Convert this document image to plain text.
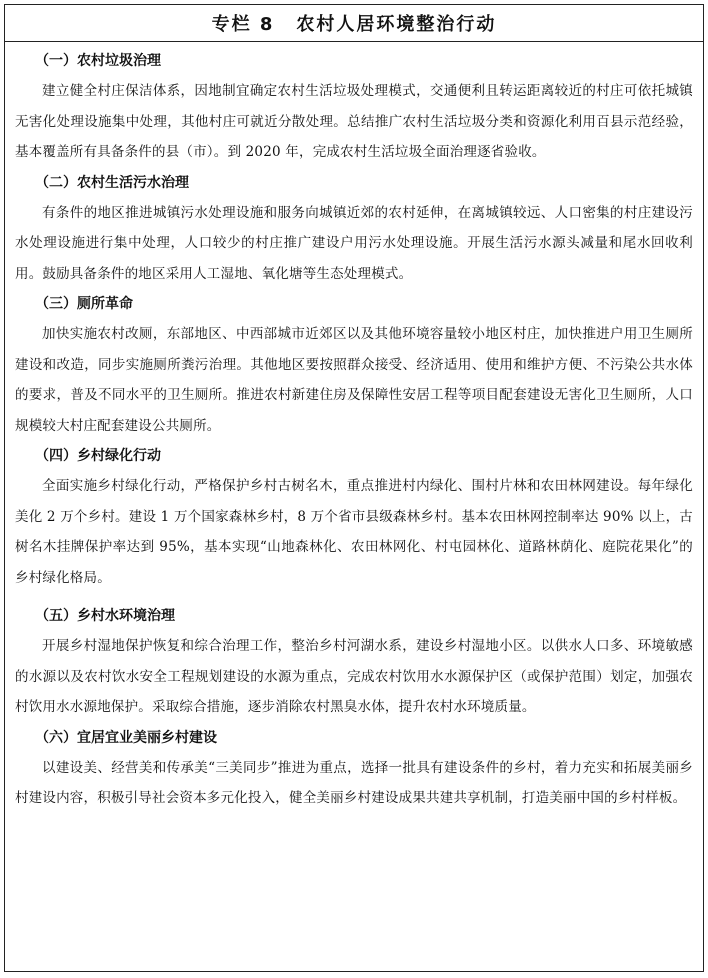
专栏 8 农村人居环境整治行动
（一）农村垃圾治理

建立健全村庄保洁体系，因地制宜确定农村生活垃圾处理模式，交通便利且转运距离较近的村庄可依托城镇无害化处理设施集中处理，其他村庄可就近分散处理。总结推广农村生活垃圾分类和资源化利用百县示范经验，基本覆盖所有具备条件的县（市）。到 2020 年，完成农村生活垃圾全面治理逐省验收。

（二）农村生活污水治理

有条件的地区推进城镇污水处理设施和服务向城镇近郊的农村延伸，在离城镇较远、人口密集的村庄建设污水处理设施进行集中处理，人口较少的村庄推广建设户用污水处理设施。开展生活污水源头减量和尾水回收利用。鼓励具备条件的地区采用人工湿地、氧化塘等生态处理模式。

（三）厕所革命

加快实施农村改厕，东部地区、中西部城市近郊区以及其他环境容量较小地区村庄，加快推进户用卫生厕所建设和改造，同步实施厕所粪污治理。其他地区要按照群众接受、经济适用、使用和维护方便、不污染公共水体的要求，普及不同水平的卫生厕所。推进农村新建住房及保障性安居工程等项目配套建设无害化卫生厕所，人口规模较大村庄配套建设公共厕所。

（四）乡村绿化行动

全面实施乡村绿化行动，严格保护乡村古树名木，重点推进村内绿化、围村片林和农田林网建设。每年绿化美化 2 万个乡村。建设 1 万个国家森林乡村，8 万个省市县级森林乡村。基本农田林网控制率达 90% 以上，古树名木挂牌保护率达到 95%，基本实现“山地森林化、农田林网化、村屯园林化、道路林荫化、庭院花果化”的乡村绿化格局。

（五）乡村水环境治理

开展乡村湿地保护恢复和综合治理工作，整治乡村河湖水系，建设乡村湿地小区。以供水人口多、环境敏感的水源以及农村饮水安全工程规划建设的水源为重点，完成农村饮用水水源保护区（或保护范围）划定，加强农村饮用水水源地保护。采取综合措施，逐步消除农村黑臭水体，提升农村水环境质量。

（六）宜居宜业美丽乡村建设

以建设美、经营美和传承美“三美同步”推进为重点，选择一批具有建设条件的乡村，着力充实和拓展美丽乡村建设内容，积极引导社会资本多元化投入，健全美丽乡村建设成果共建共享机制，打造美丽中国的乡村样板。
